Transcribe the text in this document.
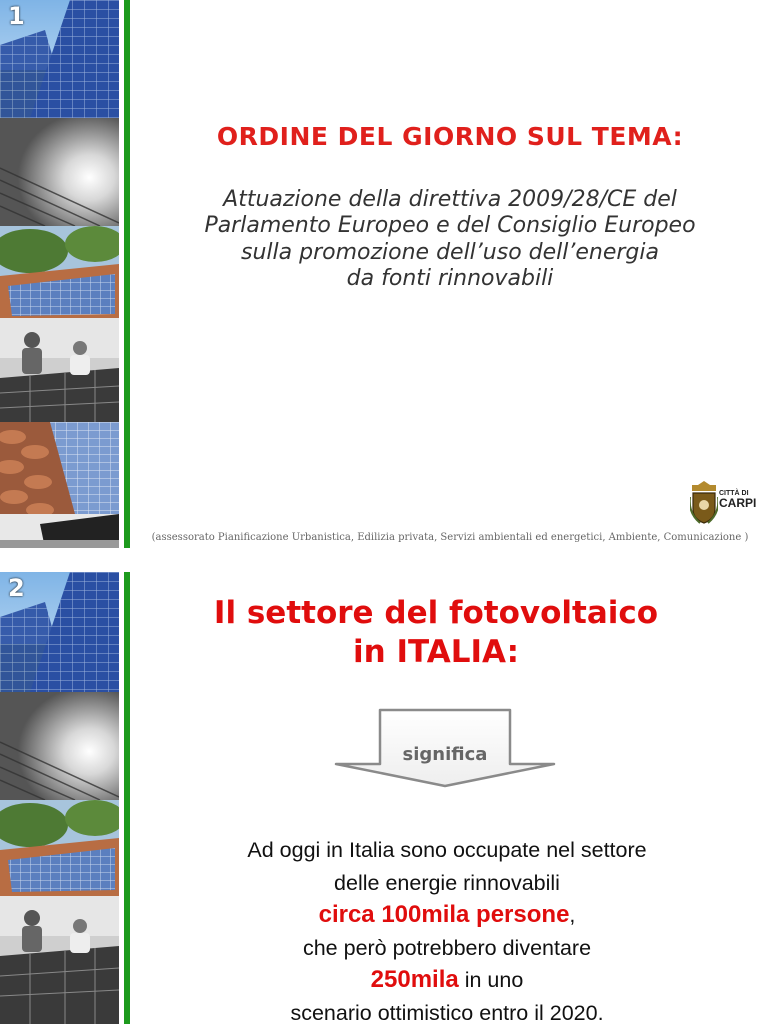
1
ORDINE DEL GIORNO SUL TEMA:
Attuazione della direttiva 2009/28/CE del
Parlamento Europeo e del Consiglio Europeo
sulla promozione dell’uso dell’energia
da fonti rinnovabili
CITTÀ DI
CARPI
(assessorato Pianificazione Urbanistica, Edilizia privata, Servizi ambientali ed energetici, Ambiente, Comunicazione )
2
Il settore del fotovoltaico
in ITALIA:
significa
Ad oggi in Italia sono occupate nel settore
delle energie rinnovabili
circa 100mila persone,
che però potrebbero diventare
250mila in uno
scenario ottimistico entro il 2020.
